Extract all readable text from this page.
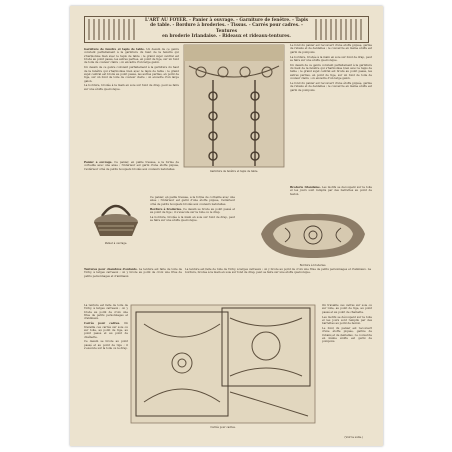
L'ART AU FOYER. - Panier à ouvrage. - Garniture de fenêtre. - Tapis
de table. - Bordure à broderies. - Tissus. - Carrés pour cadres. - Tentures
en broderie Irlandaise. - Rideaux et rideaux-tentures.

Garniture de fenêtre et tapis de table. Un dessin de ce genre convient parfaitement à la garniture du haut de la fenêtre qui s'harmonise bien avec le tapis de table ; le grand sujet central est brodé au point passé, les autres parties, en point de tige, sur un fond de toile de couleur claire ; on encadre d'un large galon.

Un dessin de ce genre convient parfaitement à la garniture du haut de la fenêtre qui s'harmonise bien avec le tapis de table ; le grand sujet central est brodé au point passé, les autres parties, en point de tige, sur un fond de toile de couleur claire ; on encadre d'un large galon.

La bordure, brodée à la main en soie sur fond de drap, peut se faire sur une étoffe quelconque.

Garniture de fenêtre et tapis de table.

Le fond du panier est recouvert d'une étoffe piquée, garnie de rubans et de dentelles ; le couvercle en même étoffe est garni de pompons.

La bordure, brodée à la main en soie sur fond de drap, peut se faire sur une étoffe quelconque.

Un dessin de ce genre convient parfaitement à la garniture du haut de la fenêtre qui s'harmonise bien avec le tapis de table ; le grand sujet central est brodé au point passé, les autres parties, en point de tige, sur un fond de toile de couleur claire ; on encadre d'un large galon.

Le fond du panier est recouvert d'une étoffe piquée, garnie de rubans et de dentelles ; le couvercle en même étoffe est garni de pompons.

Panier à ouvrage. Ce panier, en paille tressée, a la forme de corbeille avec une anse ; l'intérieur est garni d'une étoffe piquée, l'extérieur orné de petits bouquets brodés aux couleurs naturelles.

Panier à ouvrage.

Ce panier, en paille tressée, a la forme de corbeille avec une anse ; l'intérieur est garni d'une étoffe piquée, l'extérieur orné de petits bouquets brodés aux couleurs naturelles.

Bordure à broderies. Ce dessin se brode au point passé et au point de tige ; il s'exécute sur la toile ou le drap.

La bordure, brodée à la main en soie sur fond de drap, peut se faire sur une étoffe quelconque.

Broderie Irlandaise. Les motifs se découpent sur la toile et les jours sont remplis par des barrettes au point de feston.

Bordure à broderies.

Tentures pour chambres d'enfants. La tenture est faite de toile de Vichy, à larges carreaux ; on y brode au point de croix une frise de petits personnages et d'animaux.

La tenture est faite de toile de Vichy, à larges carreaux ; on y brode au point de croix une frise de petits personnages et d'animaux. La bordure, brodée à la main en soie sur fond de drap, peut se faire sur une étoffe quelconque.

La tenture est faite de toile de Vichy, à larges carreaux ; on y brode au point de croix une frise de petits personnages et d'animaux.

Carrés pour cadres. On travaille ces carrés sur soie ou sur toile, au point de tige, au point passé et au point de chaînette.

Ce dessin se brode au point passé et au point de tige ; il s'exécute sur la toile ou le drap.

Carrés pour cadres.

On travaille ces carrés sur soie ou sur toile, au point de tige, au point passé et au point de chaînette.

Les motifs se découpent sur la toile et les jours sont remplis par des barrettes au point de feston.

Le fond du panier est recouvert d'une étoffe piquée, garnie de rubans et de dentelles ; le couvercle en même étoffe est garni de pompons.

(Voir la suite.)
